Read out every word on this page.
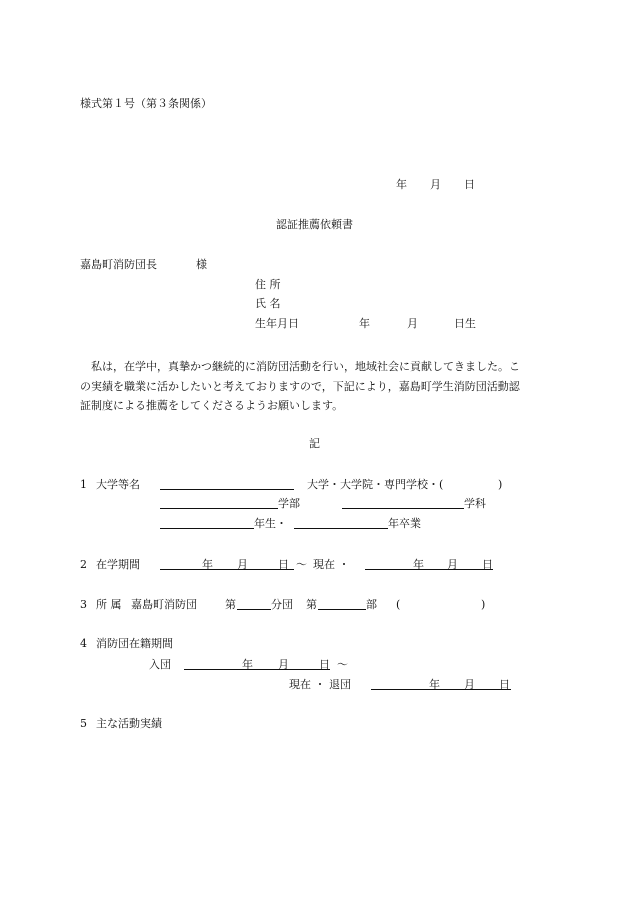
様式第１号（第３条関係）
年 月 日
認証推薦依頼書
嘉島町消防団長	様
住 所
氏 名
生年月日	年	月	日生
私は，在学中，真摯かつ継続的に消防団活動を行い，地域社会に貢献してきました。こ
の実績を職業に活かしたいと考えておりますので，下記により，嘉島町学生消防団活動認
証制度による推薦をしてくださるようお願いします。
記
1 大学等名	大学・大学院・専門学校・(	)
学部	学科
年生・	年卒業
2 在学期間	年 月	日 〜 現在 ・	年 月 日
3 所 属 嘉島町消防団	第	分団 第	部 (	)
4 消防団在籍期間
入団	年 月	日 〜
現在 ・ 退団	年 月 日
5 主な活動実績
